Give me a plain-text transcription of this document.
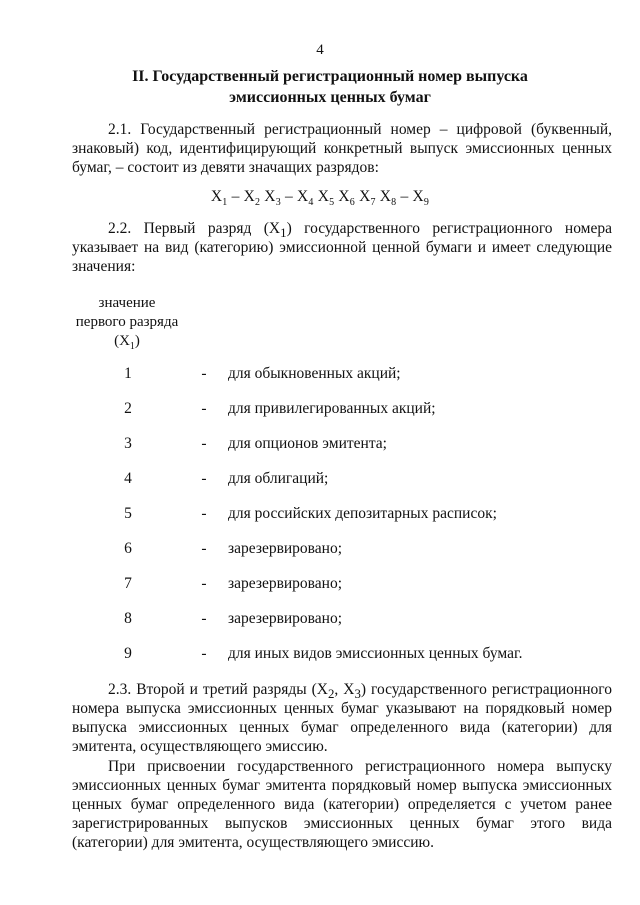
4
II. Государственный регистрационный номер выпуска
эмиссионных ценных бумаг
2.1. Государственный регистрационный номер – цифровой (буквенный, знаковый) код, идентифицирующий конкретный выпуск эмиссионных ценных бумаг, – состоит из девяти значащих разрядов:
$X_1 - X_2$ $X_3 - X_4$ $X_5$ $X_6$ $X_7$ $X_8 - X_9$
2.2. Первый разряд $(X_1)$ государственного регистрационного номера указывает на вид (категорию) эмиссионной ценной бумаги и имеет следующие значения:
значение
первого разряда
$(X_1)$
1	- для обыкновенных акций;
2	- для привилегированных акций;
3	- для опционов эмитента;
4	- для облигаций;
5	- для российских депозитарных расписок;
6	- зарезервировано;
7	- зарезервировано;
8	- зарезервировано;
9	- для иных видов эмиссионных ценных бумаг.
2.3. Второй и третий разряды ($X_2$, $X_3$) государственного регистрационного номера выпуска эмиссионных ценных бумаг указывают на порядковый номер выпуска эмиссионных ценных бумаг определенного вида (категории) для эмитента, осуществляющего эмиссию.
При присвоении государственного регистрационного номера выпуску эмиссионных ценных бумаг эмитента порядковый номер выпуска эмиссионных ценных бумаг определенного вида (категории) определяется с учетом ранее зарегистрированных выпусков эмиссионных ценных бумаг этого вида (категории) для эмитента, осуществляющего эмиссию.
